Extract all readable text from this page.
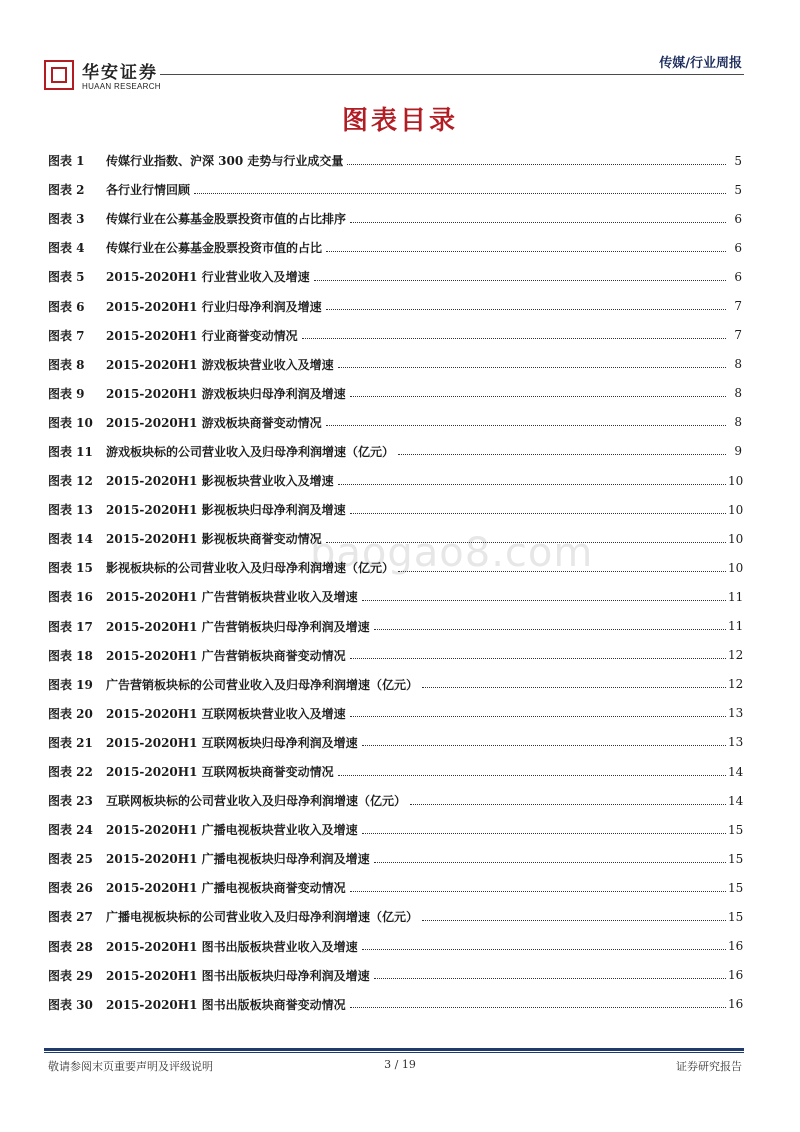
华安证券
HUAAN RESEARCH
传媒/行业周报
图表目录
baogao8.com
图表 1	传媒行业指数、沪深 300 走势与行业成交量	5
图表 2	各行业行情回顾	5
图表 3	传媒行业在公募基金股票投资市值的占比排序	6
图表 4	传媒行业在公募基金股票投资市值的占比	6
图表 5	2015-2020H1 行业营业收入及增速	6
图表 6	2015-2020H1 行业归母净利润及增速	7
图表 7	2015-2020H1 行业商誉变动情况	7
图表 8	2015-2020H1 游戏板块营业收入及增速	8
图表 9	2015-2020H1 游戏板块归母净利润及增速	8
图表 10	2015-2020H1 游戏板块商誉变动情况	8
图表 11	游戏板块标的公司营业收入及归母净利润增速（亿元）	9
图表 12	2015-2020H1 影视板块营业收入及增速	10
图表 13	2015-2020H1 影视板块归母净利润及增速	10
图表 14	2015-2020H1 影视板块商誉变动情况	10
图表 15	影视板块标的公司营业收入及归母净利润增速（亿元）	10
图表 16	2015-2020H1 广告营销板块营业收入及增速	11
图表 17	2015-2020H1 广告营销板块归母净利润及增速	11
图表 18	2015-2020H1 广告营销板块商誉变动情况	12
图表 19	广告营销板块标的公司营业收入及归母净利润增速（亿元）	12
图表 20	2015-2020H1 互联网板块营业收入及增速	13
图表 21	2015-2020H1 互联网板块归母净利润及增速	13
图表 22	2015-2020H1 互联网板块商誉变动情况	14
图表 23	互联网板块标的公司营业收入及归母净利润增速（亿元）	14
图表 24	2015-2020H1 广播电视板块营业收入及增速	15
图表 25	2015-2020H1 广播电视板块归母净利润及增速	15
图表 26	2015-2020H1 广播电视板块商誉变动情况	15
图表 27	广播电视板块标的公司营业收入及归母净利润增速（亿元）	15
图表 28	2015-2020H1 图书出版板块营业收入及增速	16
图表 29	2015-2020H1 图书出版板块归母净利润及增速	16
图表 30	2015-2020H1 图书出版板块商誉变动情况	16
敬请参阅末页重要声明及评级说明	3 / 19	证券研究报告
